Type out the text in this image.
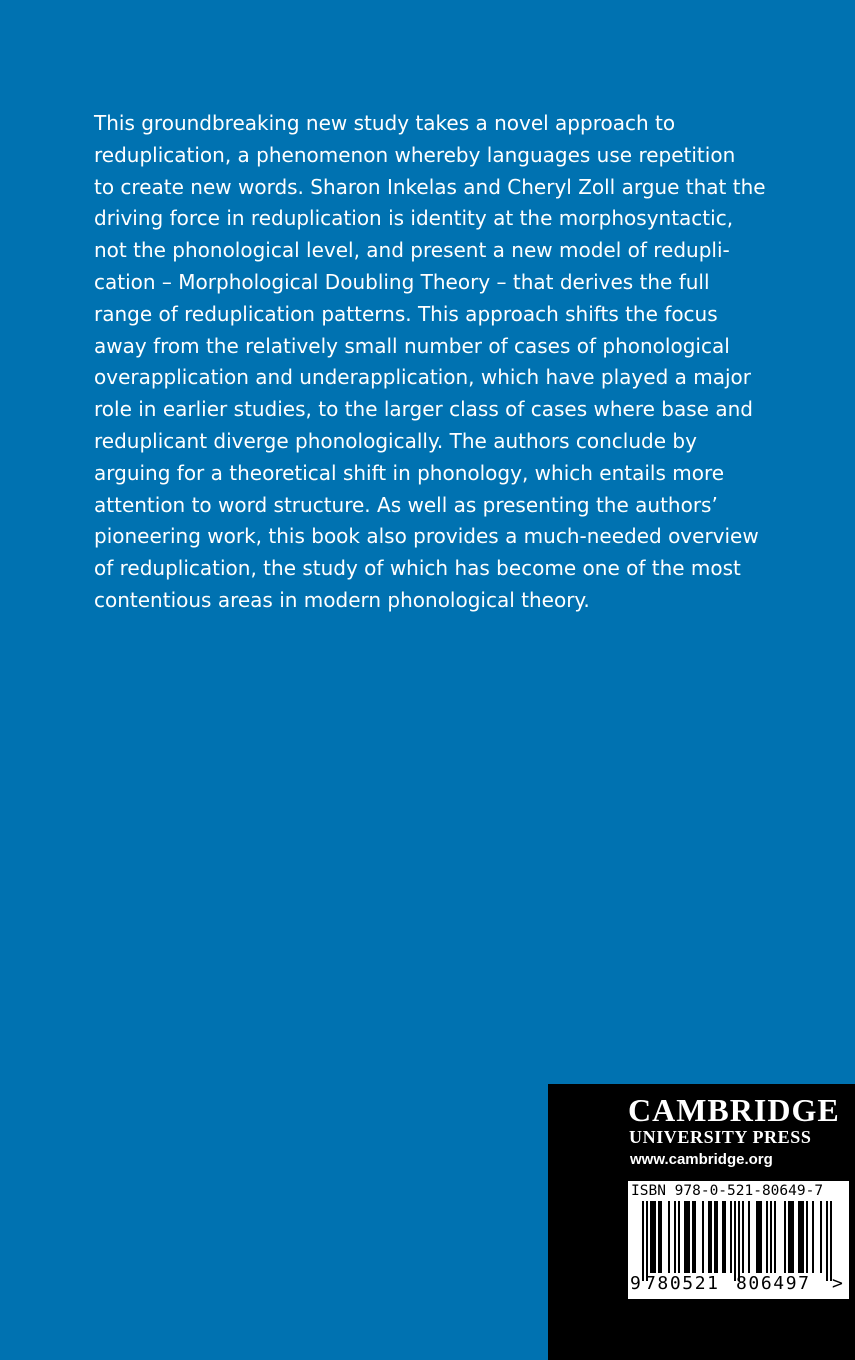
This groundbreaking new study takes a novel approach to
reduplication, a phenomenon whereby languages use repetition
to create new words. Sharon Inkelas and Cheryl Zoll argue that the
driving force in reduplication is identity at the morphosyntactic,
not the phonological level, and present a new model of redupli-
cation – Morphological Doubling Theory – that derives the full
range of reduplication patterns. This approach shifts the focus
away from the relatively small number of cases of phonological
overapplication and underapplication, which have played a major
role in earlier studies, to the larger class of cases where base and
reduplicant diverge phonologically. The authors conclude by
arguing for a theoretical shift in phonology, which entails more
attention to word structure. As well as presenting the authors’
pioneering work, this book also provides a much-needed overview
of reduplication, the study of which has become one of the most
contentious areas in modern phonological theory.
CAMBRIDGE
UNIVERSITY PRESS
www.cambridge.org
ISBN 978-0-521-80649-7
9 780521 806497 >
